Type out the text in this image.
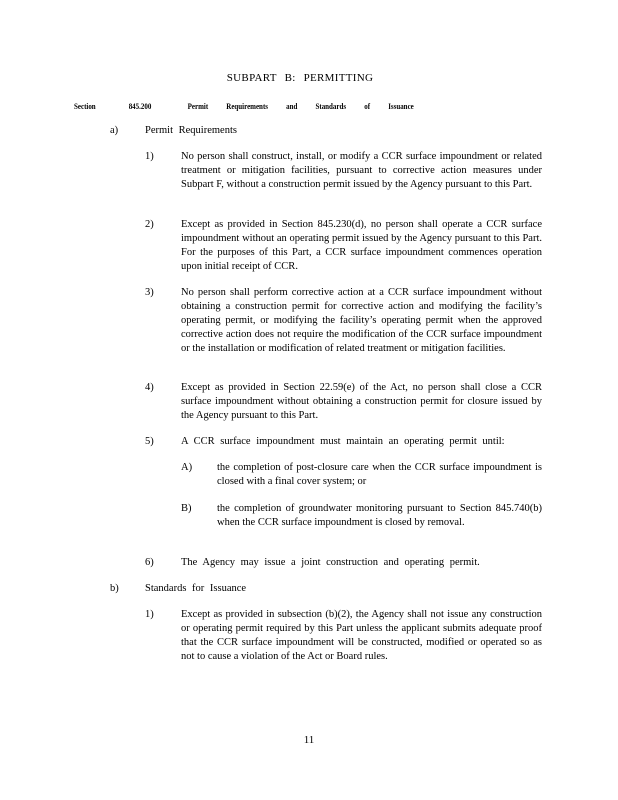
SUBPART B: PERMITTING
Section	845.200	Permit Requirements and Standards of Issuance
a)	Permit Requirements
1)	No person shall construct, install, or modify a CCR surface impoundment or related treatment or mitigation facilities, pursuant to corrective action measures under Subpart F, without a construction permit issued by the Agency pursuant to this Part.
2)	Except as provided in Section 845.230(d), no person shall operate a CCR surface impoundment without an operating permit issued by the Agency pursuant to this Part. For the purposes of this Part, a CCR surface impoundment commences operation upon initial receipt of CCR.
3)	No person shall perform corrective action at a CCR surface impoundment without obtaining a construction permit for corrective action and modifying the facility’s operating permit, or modifying the facility’s operating permit when the approved corrective action does not require the modification of the CCR surface impoundment or the installation or modification of related treatment or mitigation facilities.
4)	Except as provided in Section 22.59(e) of the Act, no person shall close a CCR surface impoundment without obtaining a construction permit for closure issued by the Agency pursuant to this Part.
5)	A CCR surface impoundment must maintain an operating permit until:
A) the completion of post-closure care when the CCR surface impoundment is closed with a final cover system; or
B) the completion of groundwater monitoring pursuant to Section 845.740(b) when the CCR surface impoundment is closed by removal.
6)	The Agency may issue a joint construction and operating permit.
b)	Standards for Issuance
1)	Except as provided in subsection (b)(2), the Agency shall not issue any construction or operating permit required by this Part unless the applicant submits adequate proof that the CCR surface impoundment will be constructed, modified or operated so as not to cause a violation of the Act or Board rules.
11
